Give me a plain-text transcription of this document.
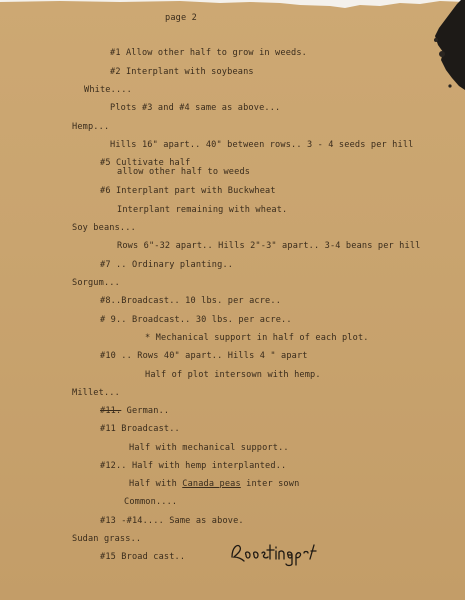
page 2
#1 Allow other half to grow in weeds.
#2 Interplant with soybeans
White....
Plots #3 and #4 same as above...
Hemp...
Hills 16" apart.. 40" between rows.. 3 - 4 seeds per hill
#5 Cultivate half
allow other half to weeds
#6 Interplant part with Buckwheat
Interplant remaining with wheat.
Soy beans...
Rows 6"-32 apart.. Hills 2"-3" apart.. 3-4 beans per hill
#7 .. Ordinary planting..
Sorgum...
#8..Broadcast.. 10 lbs. per acre..
# 9.. Broadcast.. 30 lbs. per acre..
* Mechanical support in half of each plot.
#10 .. Rows 40" apart.. Hills 4 " apart
Half of plot intersown with hemp.
Millet...
#11. German..
#11 Broadcast..
Half with mechanical support..
#12.. Half with hemp interplanted..
Half with Canada peas inter sown
Common....
#13 -#14.... Same as above.
Sudan grass..
#15 Broad cast..
